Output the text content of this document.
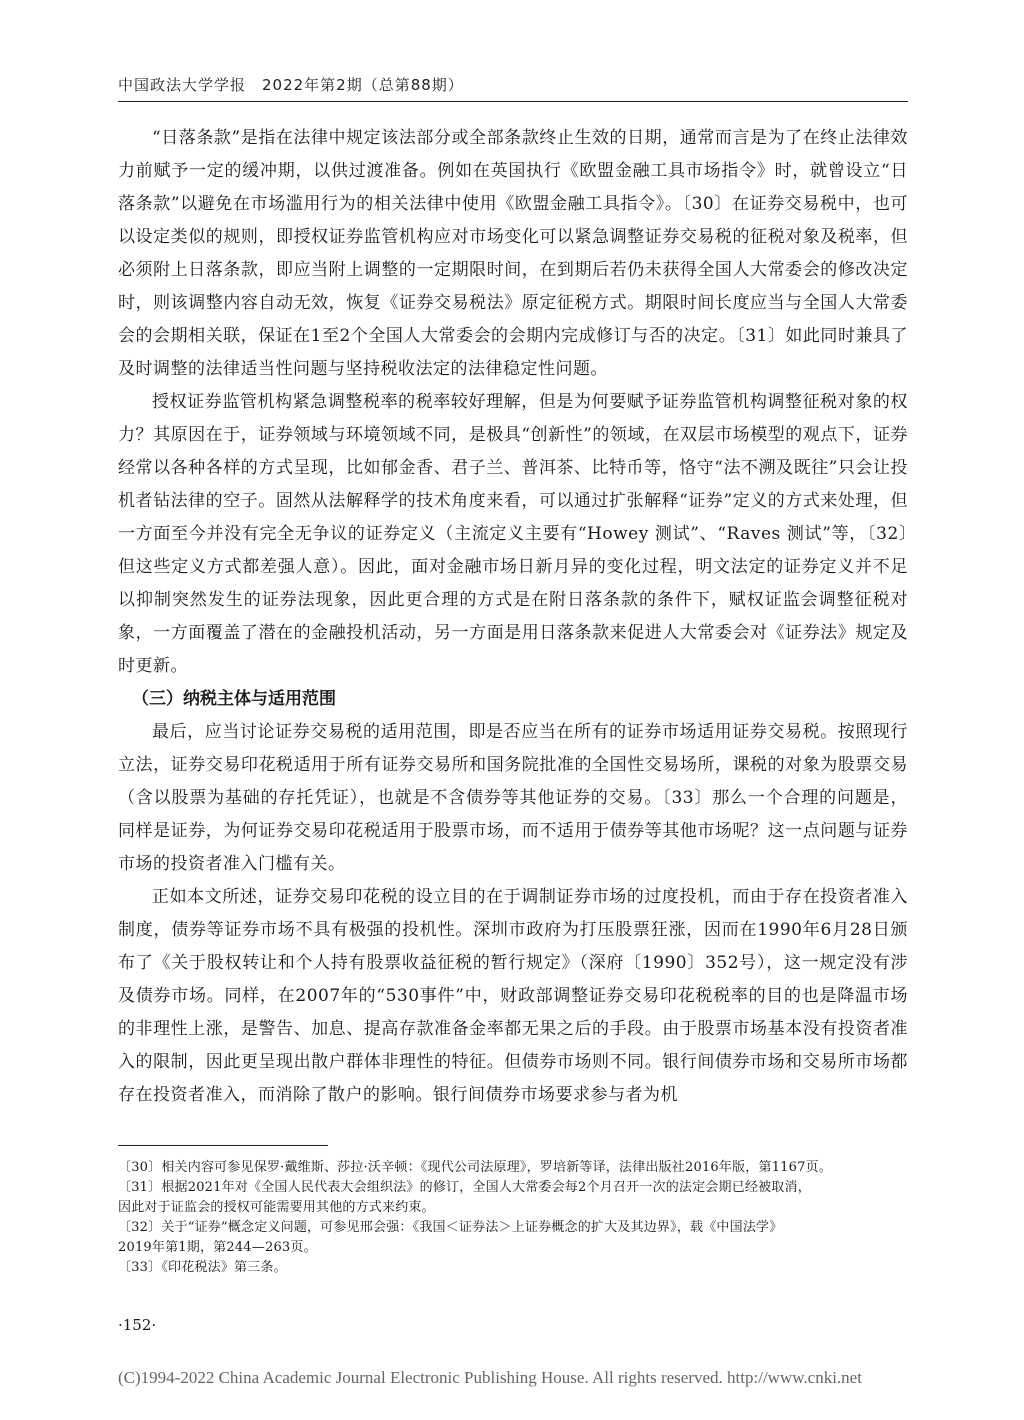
中国政法大学学报　2022年第2期（总第88期）

“日落条款”是指在法律中规定该法部分或全部条款终止生效的日期，通常而言是为了在终止法律效力前赋予一定的缓冲期，以供过渡准备。例如在英国执行《欧盟金融工具市场指令》时，就曾设立“日落条款”以避免在市场滥用行为的相关法律中使用《欧盟金融工具指令》。〔30〕在证券交易税中，也可以设定类似的规则，即授权证券监管机构应对市场变化可以紧急调整证券交易税的征税对象及税率，但必须附上日落条款，即应当附上调整的一定期限时间，在到期后若仍未获得全国人大常委会的修改决定时，则该调整内容自动无效，恢复《证券交易税法》原定征税方式。期限时间长度应当与全国人大常委会的会期相关联，保证在1至2个全国人大常委会的会期内完成修订与否的决定。〔31〕如此同时兼具了及时调整的法律适当性问题与坚持税收法定的法律稳定性问题。

授权证券监管机构紧急调整税率的税率较好理解，但是为何要赋予证券监管机构调整征税对象的权力？其原因在于，证券领域与环境领域不同，是极具“创新性”的领域，在双层市场模型的观点下，证券经常以各种各样的方式呈现，比如郁金香、君子兰、普洱茶、比特币等，恪守“法不溯及既往”只会让投机者钻法律的空子。固然从法解释学的技术角度来看，可以通过扩张解释“证券”定义的方式来处理，但一方面至今并没有完全无争议的证券定义（主流定义主要有“Howey 测试”、“Raves 测试”等，〔32〕但这些定义方式都差强人意）。因此，面对金融市场日新月异的变化过程，明文法定的证券定义并不足以抑制突然发生的证券法现象，因此更合理的方式是在附日落条款的条件下，赋权证监会调整征税对象，一方面覆盖了潜在的金融投机活动，另一方面是用日落条款来促进人大常委会对《证券法》规定及时更新。

（三）纳税主体与适用范围

最后，应当讨论证券交易税的适用范围，即是否应当在所有的证券市场适用证券交易税。按照现行立法，证券交易印花税适用于所有证券交易所和国务院批准的全国性交易场所，课税的对象为股票交易（含以股票为基础的存托凭证），也就是不含债券等其他证券的交易。〔33〕那么一个合理的问题是，同样是证券，为何证券交易印花税适用于股票市场，而不适用于债券等其他市场呢？这一点问题与证券市场的投资者准入门槛有关。

正如本文所述，证券交易印花税的设立目的在于调制证券市场的过度投机，而由于存在投资者准入制度，债券等证券市场不具有极强的投机性。深圳市政府为打压股票狂涨，因而在1990年6月28日颁布了《关于股权转让和个人持有股票收益征税的暂行规定》（深府〔1990〕352号），这一规定没有涉及债券市场。同样，在2007年的“530事件”中，财政部调整证券交易印花税税率的目的也是降温市场的非理性上涨，是警告、加息、提高存款准备金率都无果之后的手段。由于股票市场基本没有投资者准入的限制，因此更呈现出散户群体非理性的特征。但债券市场则不同。银行间债券市场和交易所市场都存在投资者准入，而消除了散户的影响。银行间债券市场要求参与者为机

〔30〕相关内容可参见保罗·戴维斯、莎拉·沃辛顿：《现代公司法原理》，罗培新等译，法律出版社2016年版，第1167页。

〔31〕根据2021年对《全国人民代表大会组织法》的修订，全国人大常委会每2个月召开一次的法定会期已经被取消，
因此对于证监会的授权可能需要用其他的方式来约束。

〔32〕关于“证券”概念定义问题，可参见邢会强：《我国＜证券法＞上证券概念的扩大及其边界》，载《中国法学》
2019年第1期，第244—263页。

〔33〕《印花税法》第三条。

·152·
(C)1994-2022 China Academic Journal Electronic Publishing House. All rights reserved. http://www.cnki.net
